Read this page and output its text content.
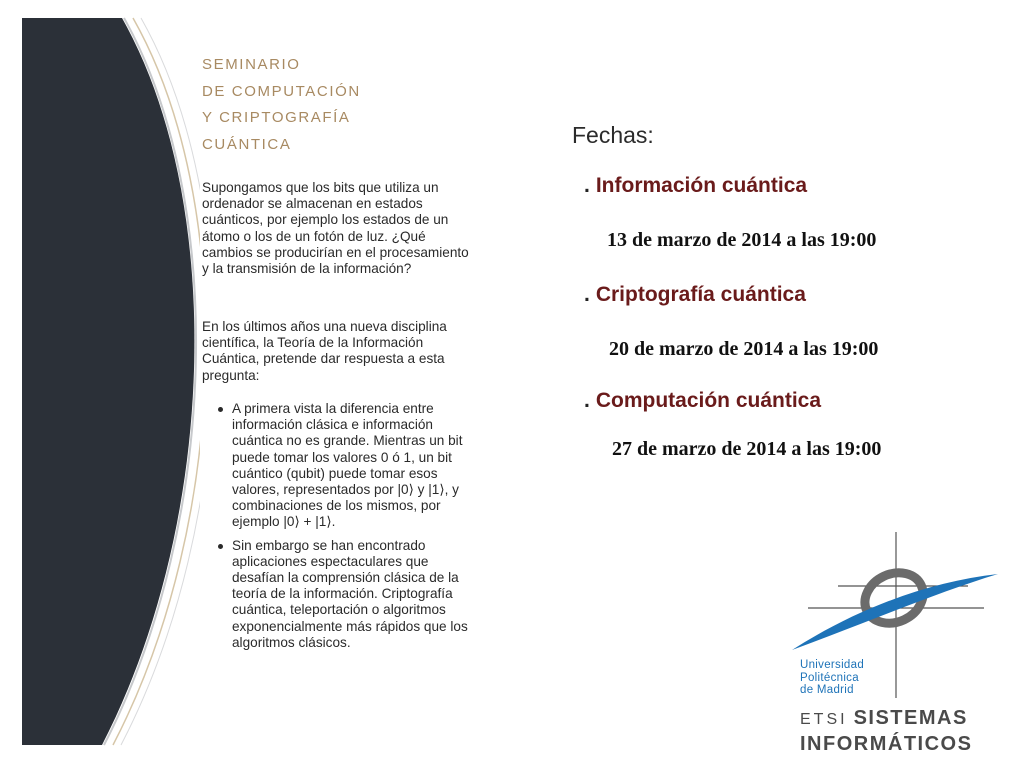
SEMINARIO
DE COMPUTACIÓN
Y CRIPTOGRAFÍA
CUÁNTICA

Supongamos que los bits que utiliza un ordenador se almacenan en estados cuánticos, por ejemplo los estados de un átomo o los de un fotón de luz. ¿Qué cambios se producirían en el procesamiento y la transmisión de la información?

En los últimos años una nueva disciplina científica, la Teoría de la Información Cuántica, pretende dar respuesta a esta pregunta:

A primera vista la diferencia entre información clásica e información cuántica no es grande. Mientras un bit puede tomar los valores 0 ó 1, un bit cuántico (qubit) puede tomar esos valores, representados por |0⟩ y |1⟩, y combinaciones de los mismos, por ejemplo |0⟩ + |1⟩.
Sin embargo se han encontrado aplicaciones espectaculares que desafían la comprensión clásica de la teoría de la información. Criptografía cuántica, teleportación o algoritmos exponencialmente más rápidos que los algoritmos clásicos.
Fechas:
. Información cuántica
13 de marzo de 2014 a las 19:00
. Criptografía cuántica
20 de marzo de 2014 a las 19:00
. Computación cuántica
27 de marzo de 2014 a las 19:00
Universidad
Politécnica
de Madrid
ETSI SISTEMAS
INFORMÁTICOS
